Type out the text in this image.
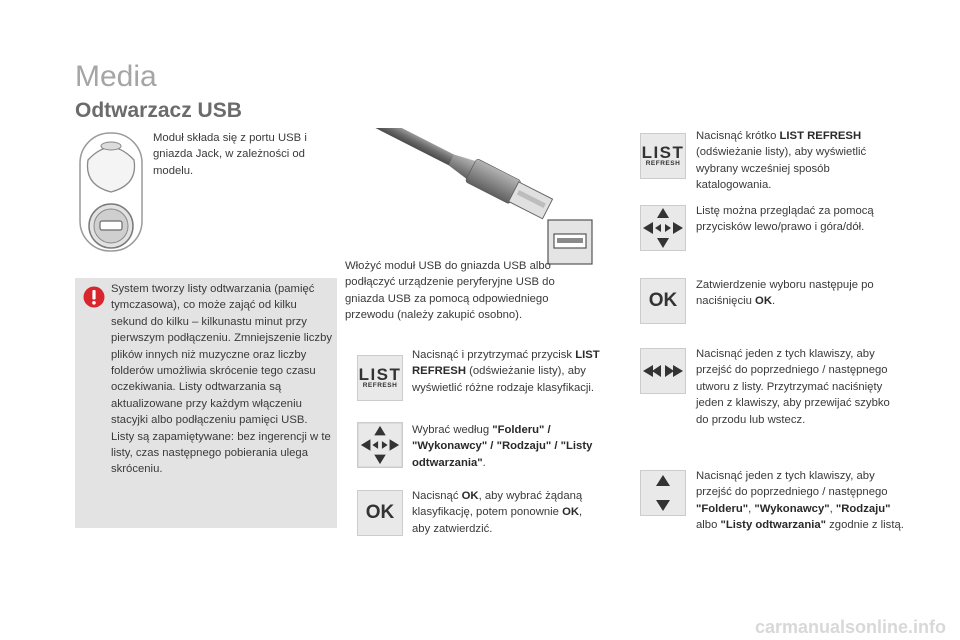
Media
Odtwarzacz USB
Moduł składa się z portu USB i gniazda Jack, w zależności od modelu.
System tworzy listy odtwarzania (pamięć tymczasowa), co może zająć od kilku sekund do kilku – kilkunastu minut przy pierwszym podłączeniu. Zmniejszenie liczby plików innych niż muzyczne oraz liczby folderów umożliwia skrócenie tego czasu oczekiwania. Listy odtwarzania są aktualizowane przy każdym włączeniu stacyjki albo podłączeniu pamięci USB. Listy są zapamiętywane: bez ingerencji w te listy, czas następnego pobierania ulega skróceniu.
Włożyć moduł USB do gniazda USB albo podłączyć urządzenie peryferyjne USB do gniazda USB za pomocą odpowiedniego przewodu (należy zakupić osobno).
LIST
REFRESH
Nacisnąć i przytrzymać przycisk LIST REFRESH (odświeżanie listy), aby wyświetlić różne rodzaje klasyfikacji.
Wybrać według "Folderu" / "Wykonawcy" / "Rodzaju" / "Listy odtwarzania".
OK
Nacisnąć OK, aby wybrać żądaną klasyfikację, potem ponownie OK, aby zatwierdzić.
LIST
REFRESH
Nacisnąć krótko LIST REFRESH (odświeżanie listy), aby wyświetlić wybrany wcześniej sposób katalogowania.
Listę można przeglądać za pomocą przycisków lewo/prawo i góra/dół.
OK
Zatwierdzenie wyboru następuje po naciśnięciu OK.
Nacisnąć jeden z tych klawiszy, aby przejść do poprzedniego / następnego utworu z listy. Przytrzymać naciśnięty jeden z klawiszy, aby przewijać szybko do przodu lub wstecz.
Nacisnąć jeden z tych klawiszy, aby przejść do poprzedniego / następnego "Folderu", "Wykonawcy", "Rodzaju" albo "Listy odtwarzania" zgodnie z listą.
carmanualsonline.info
